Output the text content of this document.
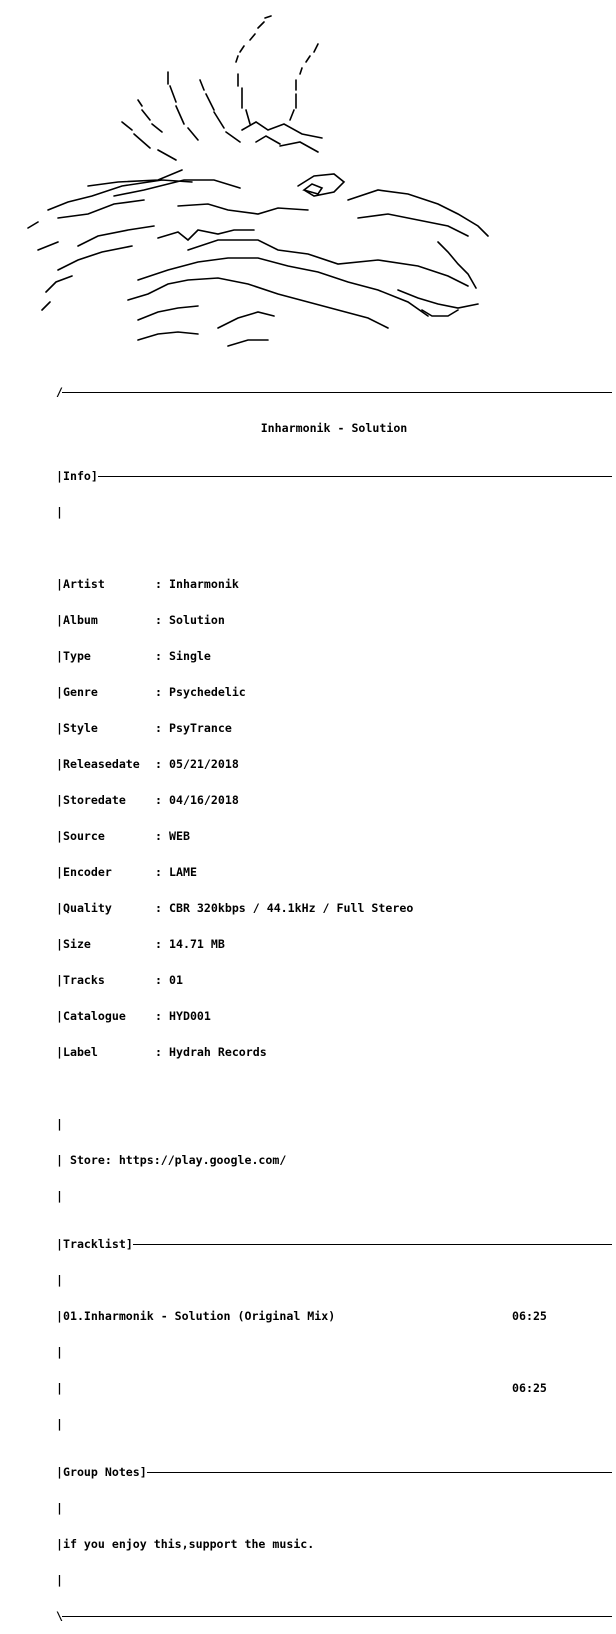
/

Inharmonik - Solution

|Info]

|

|Artist	: Inharmonik

|Album	: Solution

|Type	: Single

|Genre	: Psychedelic

|Style	: PsyTrance

|Releasedate	: 05/21/2018

|Storedate	: 04/16/2018

|Source	: WEB

|Encoder	: LAME

|Quality	: CBR 320kbps / 44.1kHz / Full Stereo

|Size	: 14.71 MB

|Tracks	: 01

|Catalogue	: HYD001

|Label	: Hydrah Records

|

| Store: https://play.google.com/

|

|Tracklist]

|

|01.Inharmonik - Solution (Original Mix)	06:25

|

|	06:25

|

|Group Notes]

|

| if you enjoy this,support the music.

|

\
